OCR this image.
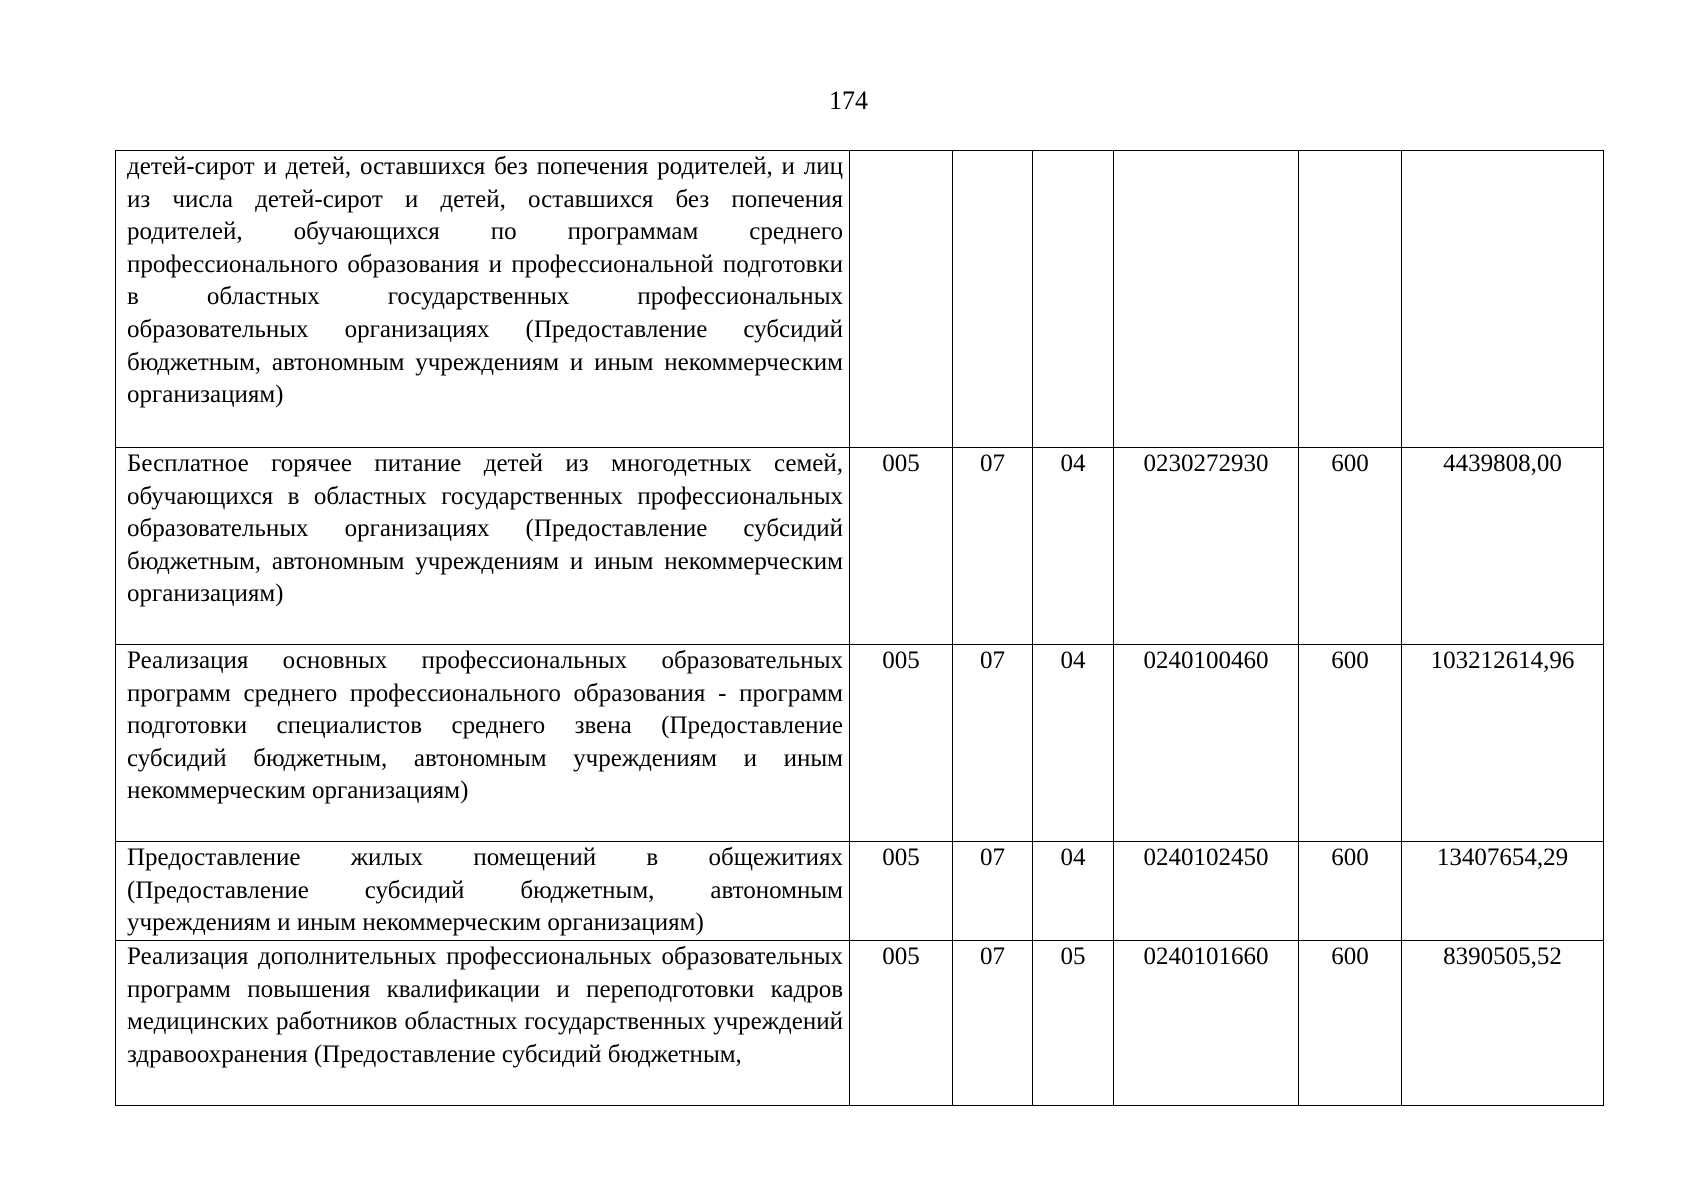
174
детей-сирот и детей, оставшихся без попечения родителей, и лиц из числа детей-сирот и детей, оставшихся без попечения родителей, обучающихся по программам среднего профессионального образования и профессиональной подготовки в областных государственных профессиональных образовательных организациях (Предоставление субсидий бюджетным, автономным учреждениям и иным некоммерческим организациям)						
Бесплатное горячее питание детей из многодетных семей, обучающихся в областных государственных профессиональных образовательных организациях (Предоставление субсидий бюджетным, автономным учреждениям и иным некоммерческим организациям)	005	07	04	0230272930	600	4439808,00
Реализация основных профессиональных образовательных программ среднего профессионального образования - программ подготовки специалистов среднего звена (Предоставление субсидий бюджетным, автономным учреждениям и иным некоммерческим организациям)	005	07	04	0240100460	600	103212614,96
Предоставление жилых помещений в общежитиях (Предоставление субсидий бюджетным, автономным учреждениям и иным некоммерческим организациям)	005	07	04	0240102450	600	13407654,29
Реализация дополнительных профессиональных образовательных программ повышения квалификации и переподготовки кадров медицинских работников областных государственных учреждений здравоохранения (Предоставление субсидий бюджетным,	005	07	05	0240101660	600	8390505,52
